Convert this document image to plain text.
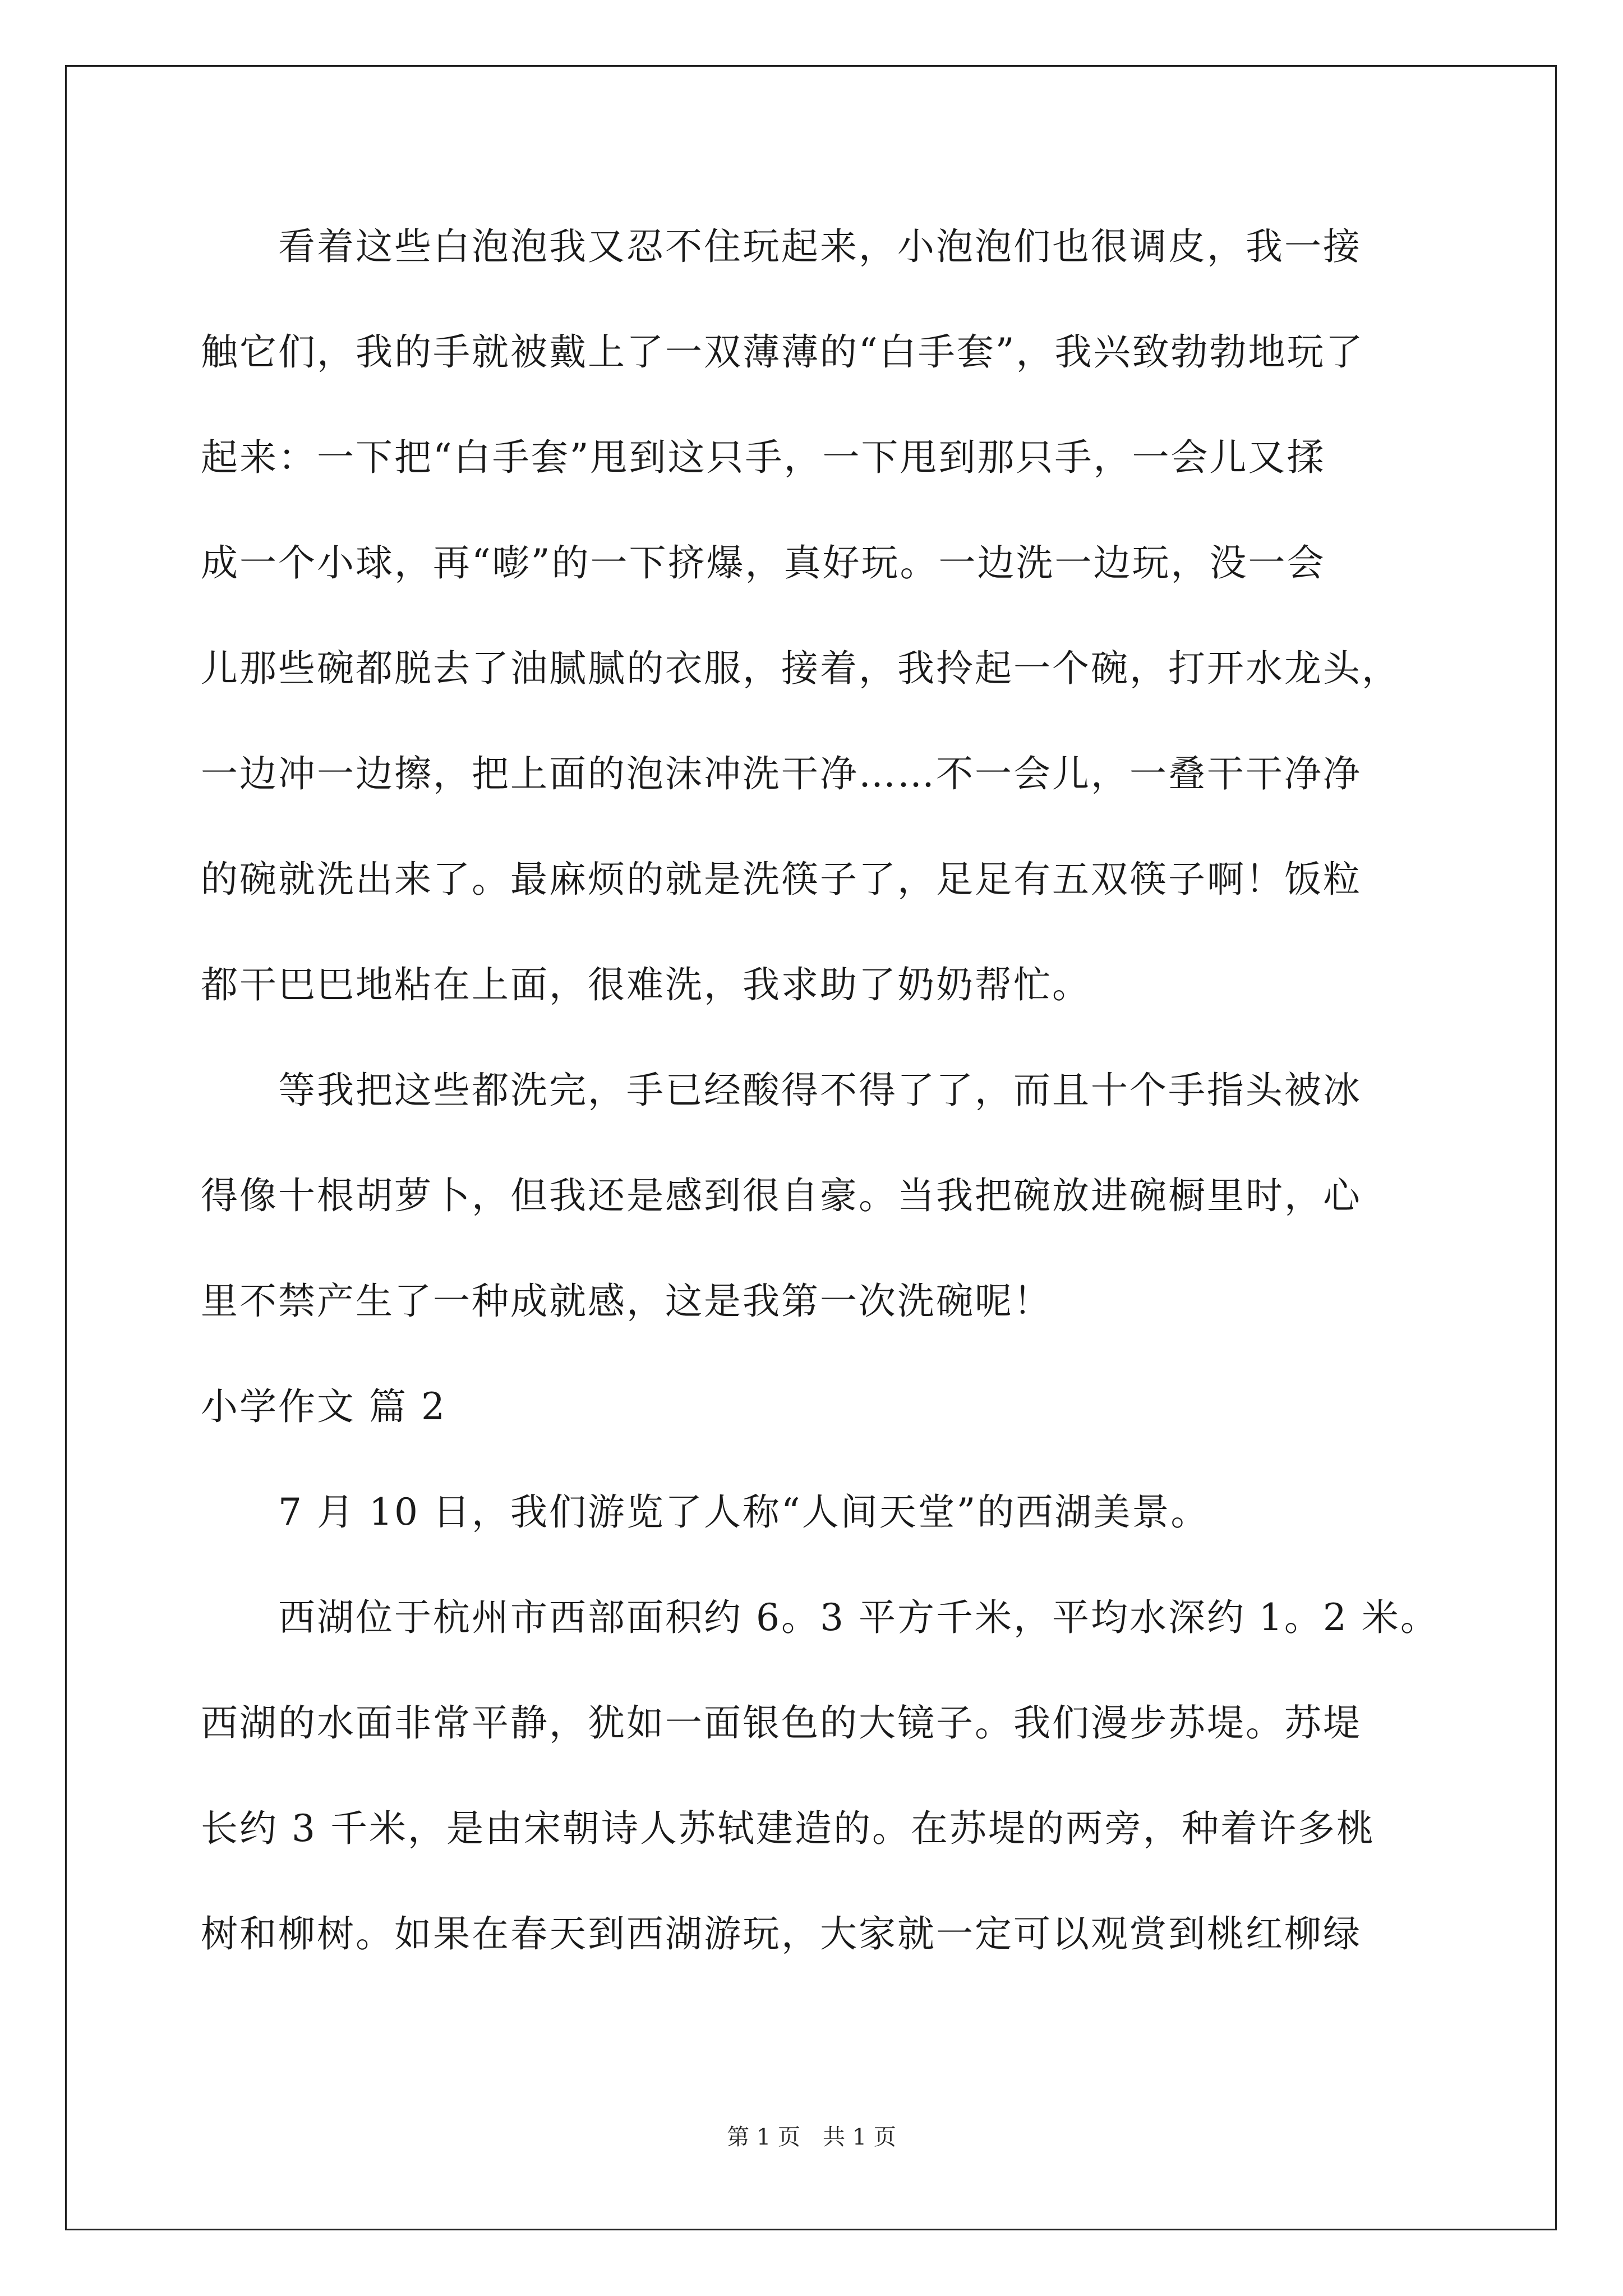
　　看着这些白泡泡我又忍不住玩起来，小泡泡们也很调皮，我一接
触它们，我的手就被戴上了一双薄薄的“白手套”，我兴致勃勃地玩了
起来：一下把“白手套”甩到这只手，一下甩到那只手，一会儿又揉
成一个小球，再“嘭”的一下挤爆，真好玩。一边洗一边玩，没一会
儿那些碗都脱去了油腻腻的衣服，接着，我拎起一个碗，打开水龙头，
一边冲一边擦，把上面的泡沫冲洗干净……不一会儿，一叠干干净净
的碗就洗出来了。最麻烦的就是洗筷子了，足足有五双筷子啊！饭粒
都干巴巴地粘在上面，很难洗，我求助了奶奶帮忙。
　　等我把这些都洗完，手已经酸得不得了了，而且十个手指头被冰
得像十根胡萝卜，但我还是感到很自豪。当我把碗放进碗橱里时，心
里不禁产生了一种成就感，这是我第一次洗碗呢！
小学作文 篇 2
　　7 月 10 日，我们游览了人称“人间天堂”的西湖美景。
　　西湖位于杭州市西部面积约 6。3 平方千米，平均水深约 1。2 米。
西湖的水面非常平静，犹如一面银色的大镜子。我们漫步苏堤。苏堤
长约 3 千米，是由宋朝诗人苏轼建造的。在苏堤的两旁，种着许多桃
树和柳树。如果在春天到西湖游玩，大家就一定可以观赏到桃红柳绿
第 1 页　共 1 页
